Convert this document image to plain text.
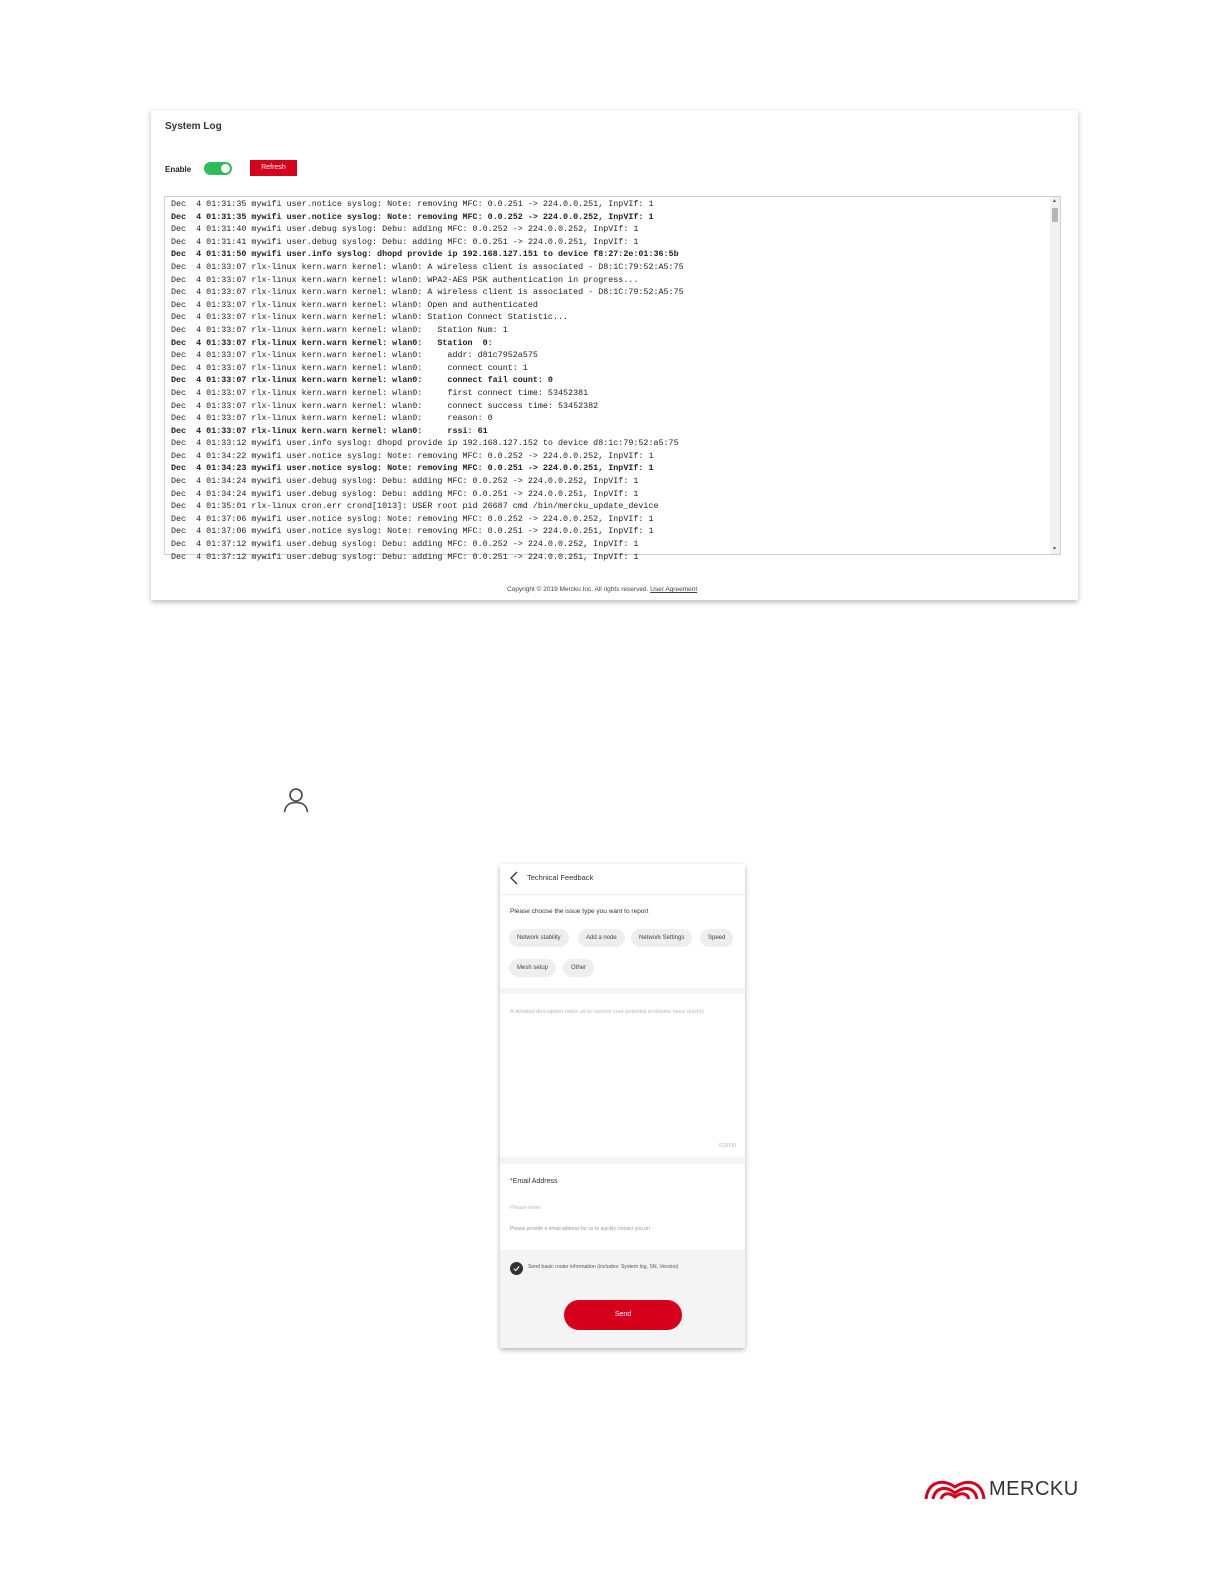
System Log
Enable	Refresh
Dec  4 01:31:35 mywifi user.notice syslog: Note: removing MFC: 0.0.251 -> 224.0.0.251, InpVIf: 1
Dec  4 01:31:35 mywifi user.notice syslog: Note: removing MFC: 0.0.252 -> 224.0.0.252, InpVIf: 1
Dec  4 01:31:40 mywifi user.debug syslog: Debu: adding MFC: 0.0.252 -> 224.0.0.252, InpVIf: 1
Dec  4 01:31:41 mywifi user.debug syslog: Debu: adding MFC: 0.0.251 -> 224.0.0.251, InpVIf: 1
Dec  4 01:31:50 mywifi user.info syslog: dhopd provide ip 192.168.127.151 to device f8:27:2e:01:36:5b
Dec  4 01:33:07 rlx-linux kern.warn kernel: wlan0: A wireless client is associated - D8:1C:79:52:A5:75
Dec  4 01:33:07 rlx-linux kern.warn kernel: wlan0: WPA2-AES PSK authentication in progress...
Dec  4 01:33:07 rlx-linux kern.warn kernel: wlan0: A wireless client is associated - D8:1C:79:52:A5:75
Dec  4 01:33:07 rlx-linux kern.warn kernel: wlan0: Open and authenticated
Dec  4 01:33:07 rlx-linux kern.warn kernel: wlan0: Station Connect Statistic...
Dec  4 01:33:07 rlx-linux kern.warn kernel: wlan0:   Station Num: 1
Dec  4 01:33:07 rlx-linux kern.warn kernel: wlan0:   Station  0:
Dec  4 01:33:07 rlx-linux kern.warn kernel: wlan0:     addr: d81c7952a575
Dec  4 01:33:07 rlx-linux kern.warn kernel: wlan0:     connect count: 1
Dec  4 01:33:07 rlx-linux kern.warn kernel: wlan0:     connect fail count: 0
Dec  4 01:33:07 rlx-linux kern.warn kernel: wlan0:     first connect time: 53452381
Dec  4 01:33:07 rlx-linux kern.warn kernel: wlan0:     connect success time: 53452382
Dec  4 01:33:07 rlx-linux kern.warn kernel: wlan0:     reason: 0
Dec  4 01:33:07 rlx-linux kern.warn kernel: wlan0:     rssi: 61
Dec  4 01:33:12 mywifi user.info syslog: dhopd provide ip 192.168.127.152 to device d8:1c:79:52:a5:75
Dec  4 01:34:22 mywifi user.notice syslog: Note: removing MFC: 0.0.252 -> 224.0.0.252, InpVIf: 1
Dec  4 01:34:23 mywifi user.notice syslog: Note: removing MFC: 0.0.251 -> 224.0.0.251, InpVIf: 1
Dec  4 01:34:24 mywifi user.debug syslog: Debu: adding MFC: 0.0.252 -> 224.0.0.252, InpVIf: 1
Dec  4 01:34:24 mywifi user.debug syslog: Debu: adding MFC: 0.0.251 -> 224.0.0.251, InpVIf: 1
Dec  4 01:35:01 rlx-linux cron.err crond[1013]: USER root pid 26687 cmd /bin/mercku_update_device
Dec  4 01:37:06 mywifi user.notice syslog: Note: removing MFC: 0.0.252 -> 224.0.0.252, InpVIf: 1
Dec  4 01:37:06 mywifi user.notice syslog: Note: removing MFC: 0.0.251 -> 224.0.0.251, InpVIf: 1
Dec  4 01:37:12 mywifi user.debug syslog: Debu: adding MFC: 0.0.252 -> 224.0.0.252, InpVIf: 1
Dec  4 01:37:12 mywifi user.debug syslog: Debu: adding MFC: 0.0.251 -> 224.0.0.251, InpVIf: 1
▲
▼
Copyright © 2019 Mercku Inc. All rights reserved. User Agreement
Technical Feedback
Please choose the issue type you want to report
Network stability	Add a node	Network Settings	Speed
Mesh setup	Other
A detailed description helps us to resolve your potential problems more quickly
0/2000
*Email Address
Please enter
Please provide a email address for us to quickly contact you on
Send basic router information (includes: System log, SN, Version)
Send
MERCKU
